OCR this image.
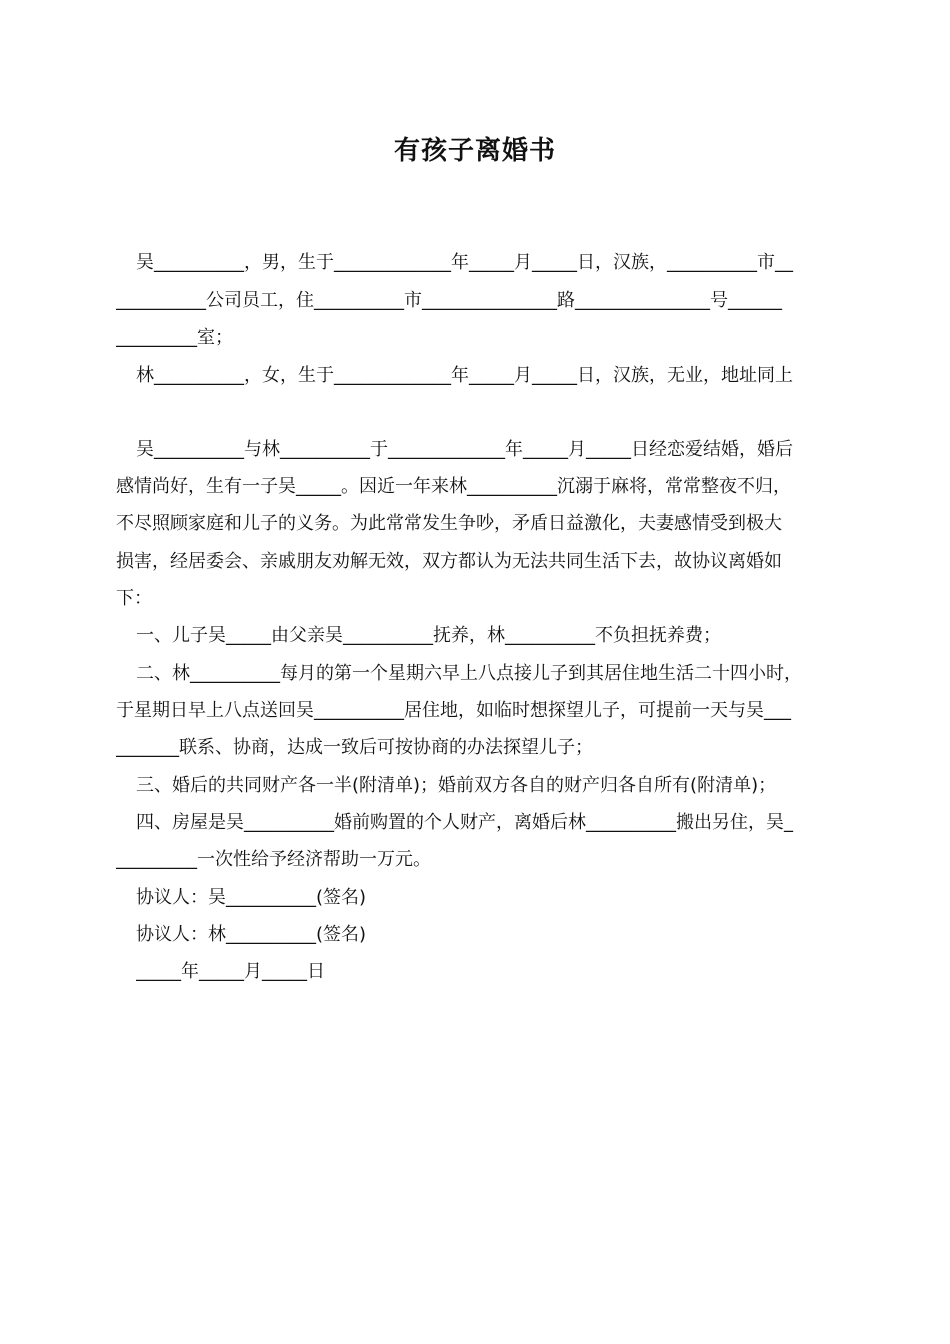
有孩子离婚书
吴__________，男，生于_____________年_____月_____日，汉族，__________市__
__________公司员工，住__________市_______________路_______________号______
_________室；
林__________，女，生于_____________年_____月_____日，汉族，无业，地址同上
吴__________与林__________于_____________年_____月_____日经恋爱结婚，婚后
感情尚好，生有一子吴_____。因近一年来林__________沉溺于麻将，常常整夜不归，
不尽照顾家庭和儿子的义务。为此常常发生争吵，矛盾日益激化，夫妻感情受到极大
损害，经居委会、亲戚朋友劝解无效，双方都认为无法共同生活下去，故协议离婚如
下：
一、儿子吴_____由父亲吴__________抚养，林__________不负担抚养费；
二、林__________每月的第一个星期六早上八点接儿子到其居住地生活二十四小时，
于星期日早上八点送回吴__________居住地，如临时想探望儿子，可提前一天与吴___
_______联系、协商，达成一致后可按协商的办法探望儿子；
三、婚后的共同财产各一半(附清单)；婚前双方各自的财产归各自所有(附清单)；
四、房屋是吴__________婚前购置的个人财产，离婚后林__________搬出另住，吴_
_________一次性给予经济帮助一万元。
协议人：吴__________(签名)
协议人：林__________(签名)
_____年_____月_____日
